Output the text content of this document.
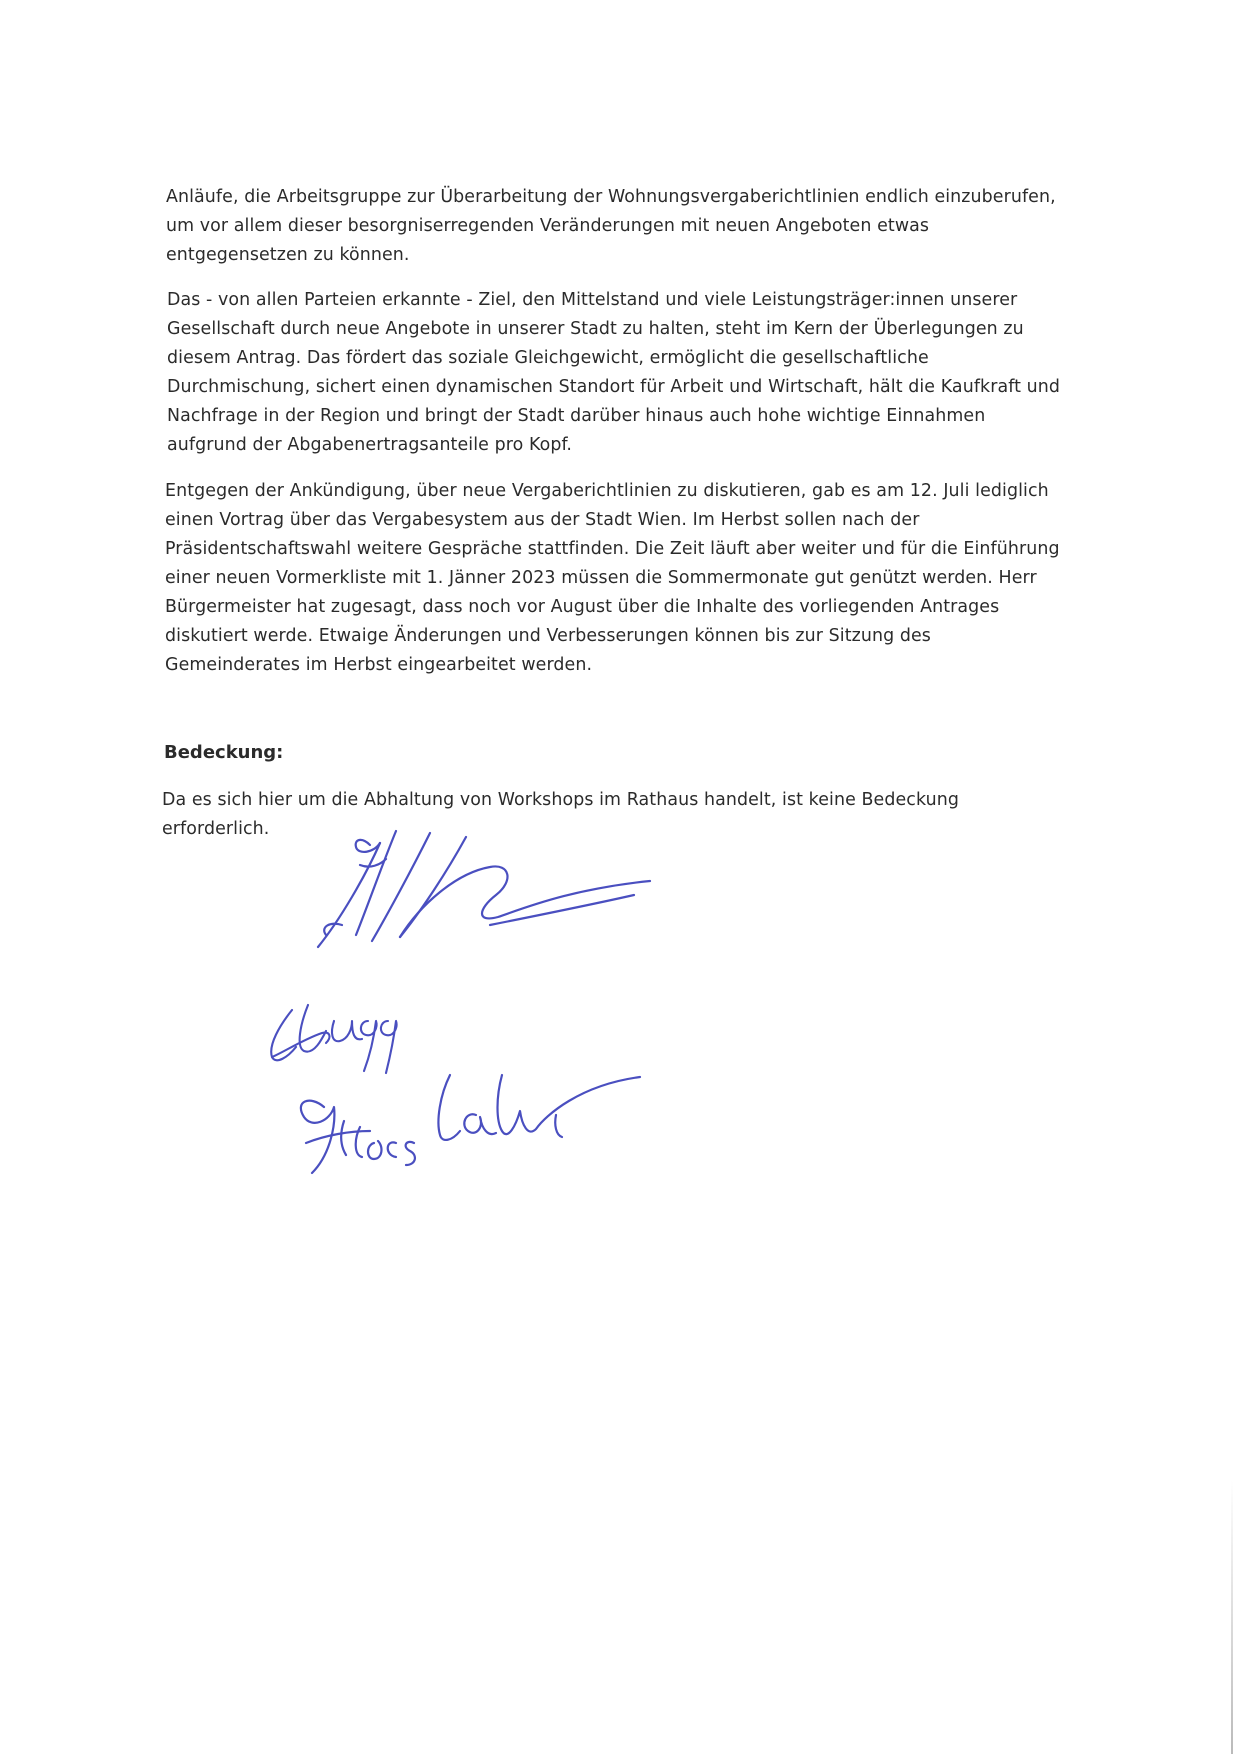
Anläufe, die Arbeitsgruppe zur Überarbeitung der Wohnungsvergaberichtlinien endlich einzuberufen,
um vor allem dieser besorgniserregenden Veränderungen mit neuen Angeboten etwas
entgegensetzen zu können.
Das - von allen Parteien erkannte - Ziel, den Mittelstand und viele Leistungsträger:innen unserer
Gesellschaft durch neue Angebote in unserer Stadt zu halten, steht im Kern der Überlegungen zu
diesem Antrag. Das fördert das soziale Gleichgewicht, ermöglicht die gesellschaftliche
Durchmischung, sichert einen dynamischen Standort für Arbeit und Wirtschaft, hält die Kaufkraft und
Nachfrage in der Region und bringt der Stadt darüber hinaus auch hohe wichtige Einnahmen
aufgrund der Abgabenertragsanteile pro Kopf.
Entgegen der Ankündigung, über neue Vergaberichtlinien zu diskutieren, gab es am 12. Juli lediglich
einen Vortrag über das Vergabesystem aus der Stadt Wien. Im Herbst sollen nach der
Präsidentschaftswahl weitere Gespräche stattfinden. Die Zeit läuft aber weiter und für die Einführung
einer neuen Vormerkliste mit 1. Jänner 2023 müssen die Sommermonate gut genützt werden. Herr
Bürgermeister hat zugesagt, dass noch vor August über die Inhalte des vorliegenden Antrages
diskutiert werde. Etwaige Änderungen und Verbesserungen können bis zur Sitzung des
Gemeinderates im Herbst eingearbeitet werden.
Bedeckung:
Da es sich hier um die Abhaltung von Workshops im Rathaus handelt, ist keine Bedeckung
erforderlich.
